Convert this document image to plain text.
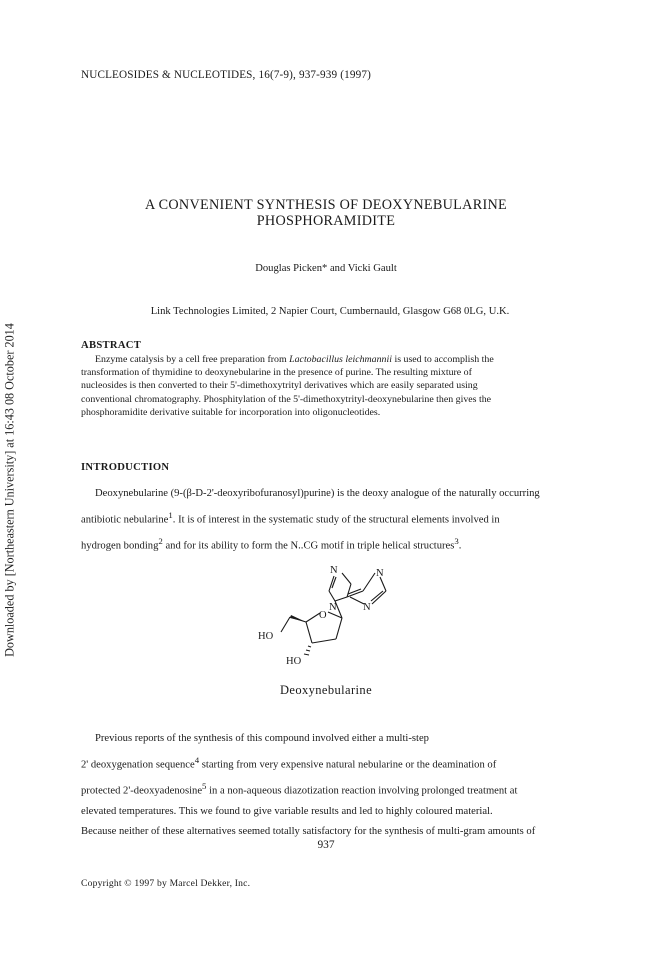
Downloaded by [Northeastern University] at 16:43 08 October 2014
NUCLEOSIDES & NUCLEOTIDES, 16(7-9), 937-939 (1997)
A CONVENIENT SYNTHESIS OF DEOXYNEBULARINE
PHOSPHORAMIDITE
Douglas Picken* and Vicki Gault
Link Technologies Limited, 2 Napier Court, Cumbernauld, Glasgow G68 0LG, U.K.
ABSTRACT
Enzyme catalysis by a cell free preparation from Lactobacillus leichmannii is used to accomplish the
transformation of thymidine to deoxynebularine in the presence of purine. The resulting mixture of
nucleosides is then converted to their 5'-dimethoxytrityl derivatives which are easily separated using
conventional chromatography. Phosphitylation of the 5'-dimethoxytrityl-deoxynebularine then gives the
phosphoramidite derivative suitable for incorporation into oligonucleotides.
INTRODUCTION
Deoxynebularine (9-(β-D-2'-deoxyribofuranosyl)purine) is the deoxy analogue of the naturally occurring
antibiotic nebularine$^1$. It is of interest in the systematic study of the structural elements involved in
hydrogen bonding$^2$ and for its ability to form the N..CG motif in triple helical structures$^3$.
N	N
N	N
O
HO
HO
Deoxynebularine
Previous reports of the synthesis of this compound involved either a multi-step
2' deoxygenation sequence$^4$ starting from very expensive natural nebularine or the deamination of
protected 2'-deoxyadenosine$^5$ in a non-aqueous diazotization reaction involving prolonged treatment at
elevated temperatures. This we found to give variable results and led to highly coloured material.
Because neither of these alternatives seemed totally satisfactory for the synthesis of multi-gram amounts of
937
Copyright © 1997 by Marcel Dekker, Inc.
